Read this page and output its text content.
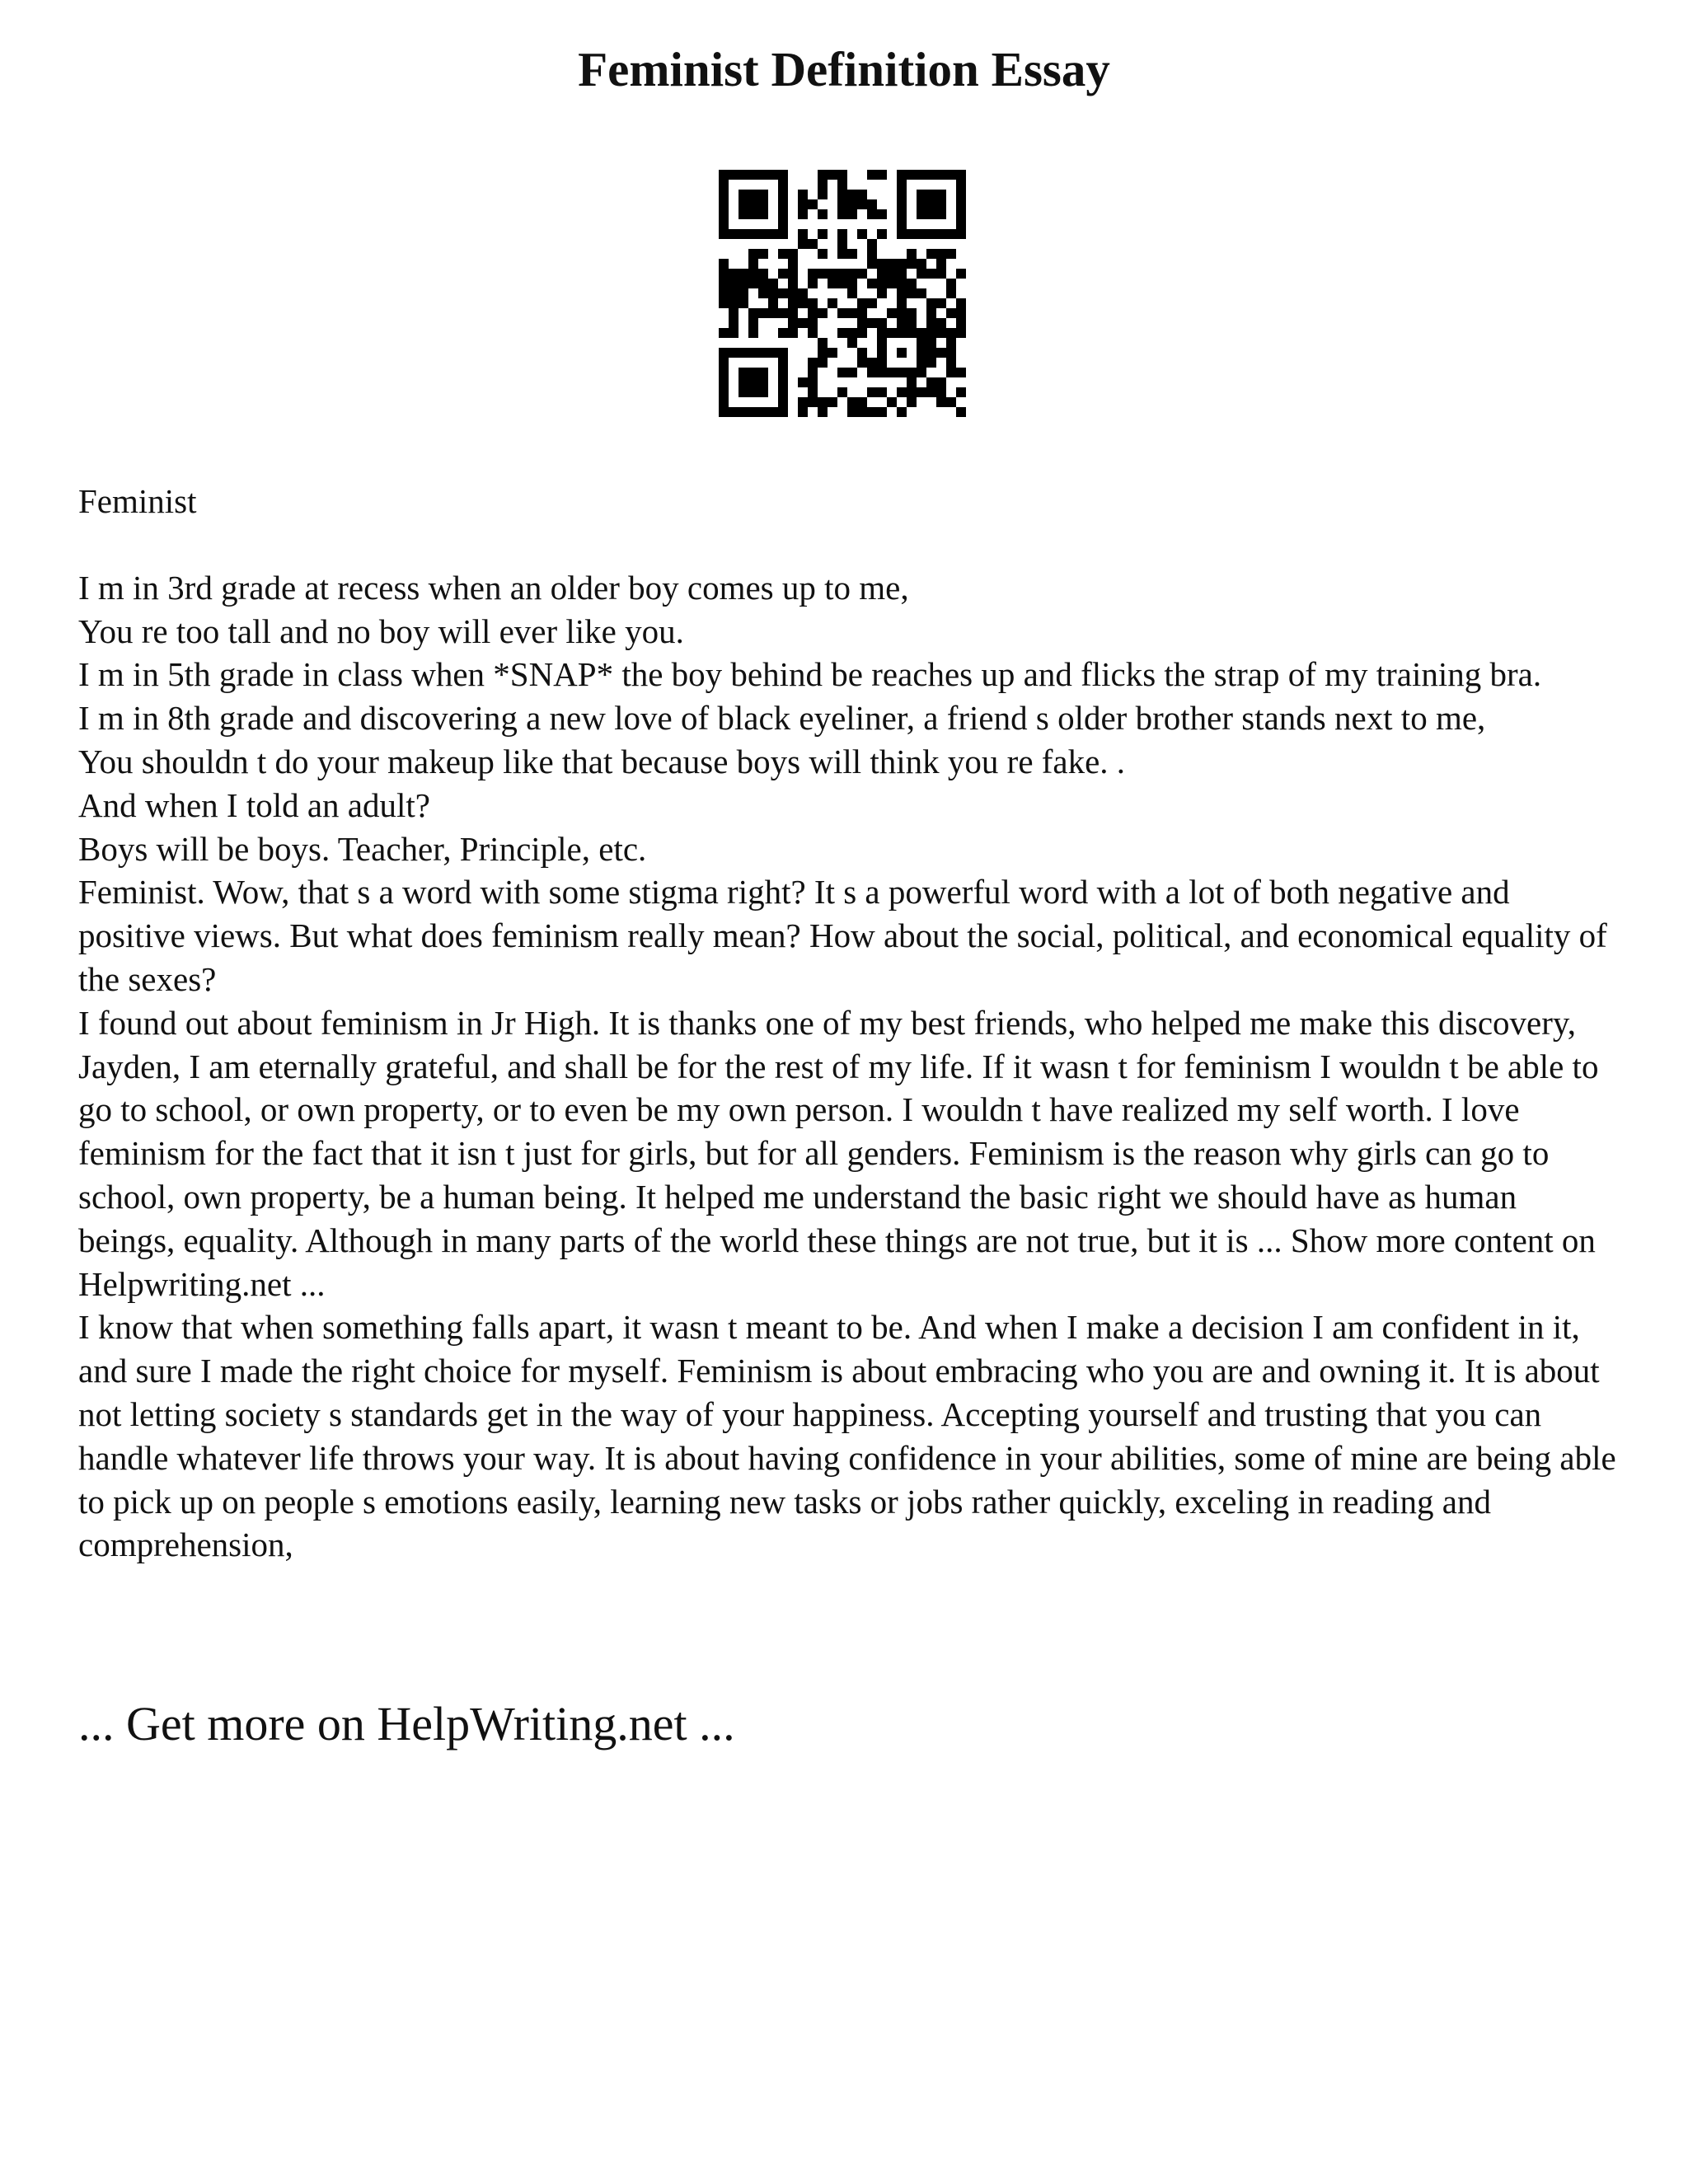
Feminist Definition Essay

Feminist

I m in 3rd grade at recess when an older boy comes up to me,

You re too tall and no boy will ever like you.

I m in 5th grade in class when *SNAP* the boy behind be reaches up and flicks the strap of my training bra.

I m in 8th grade and discovering a new love of black eyeliner, a friend s older brother stands next to me,

You shouldn t do your makeup like that because boys will think you re fake. .

And when I told an adult?

Boys will be boys. Teacher, Principle, etc.

Feminist. Wow, that s a word with some stigma right? It s a powerful word with a lot of both negative and positive views. But what does feminism really mean? How about the social, political, and economical equality of the sexes?

I found out about feminism in Jr High. It is thanks one of my best friends, who helped me make this discovery, Jayden, I am eternally grateful, and shall be for the rest of my life. If it wasn t for feminism I wouldn t be able to go to school, or own property, or to even be my own person. I wouldn t have realized my self worth. I love feminism for the fact that it isn t just for girls, but for all genders. Feminism is the reason why girls can go to school, own property, be a human being. It helped me understand the basic right we should have as human beings, equality. Although in many parts of the world these things are not true, but it is ... Show more content on Helpwriting.net ...

I know that when something falls apart, it wasn t meant to be. And when I make a decision I am confident in it, and sure I made the right choice for myself. Feminism is about embracing who you are and owning it. It is about not letting society s standards get in the way of your happiness. Accepting yourself and trusting that you can handle whatever life throws your way. It is about having confidence in your abilities, some of mine are being able to pick up on people s emotions easily, learning new tasks or jobs rather quickly, exceling in reading and comprehension,

... Get more on HelpWriting.net ...
